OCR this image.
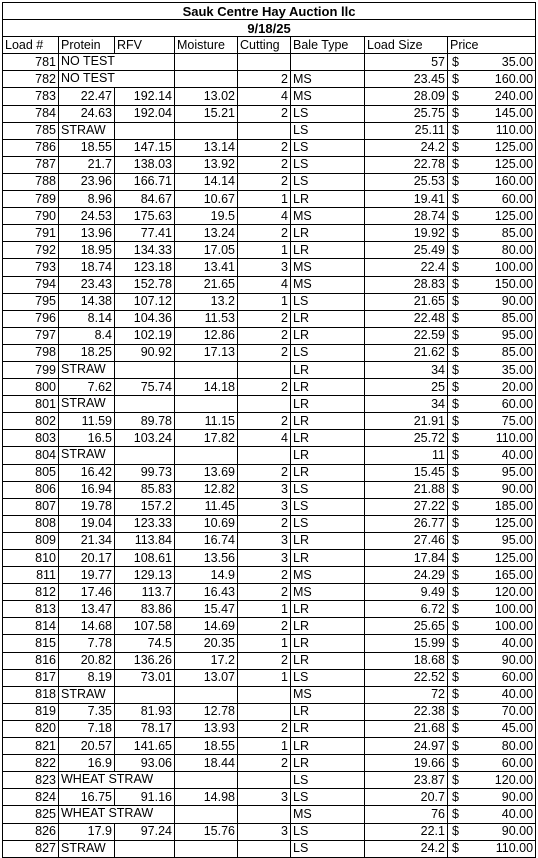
Sauk Centre Hay Auction llc							
9/18/25							
Load #	Protein	RFV	Moisture	Cutting	Bale Type	Load Size	Price
781	NO TEST					57	$ 35.00

782	NO TEST			2	MS	23.45	$ 160.00

783	22.47	192.14	13.02	4	MS	28.09	$ 240.00

784	24.63	192.04	15.21	2	LS	25.75	$ 145.00

785	STRAW				LS	25.11	$ 110.00

786	18.55	147.15	13.14	2	LS	24.2	$ 125.00

787	21.7	138.03	13.92	2	LS	22.78	$ 125.00

788	23.96	166.71	14.14	2	LS	25.53	$ 160.00

789	8.96	84.67	10.67	1	LR	19.41	$ 60.00

790	24.53	175.63	19.5	4	MS	28.74	$ 125.00

791	13.96	77.41	13.24	2	LR	19.92	$ 85.00

792	18.95	134.33	17.05	1	LR	25.49	$ 80.00

793	18.74	123.18	13.41	3	MS	22.4	$ 100.00

794	23.43	152.78	21.65	4	MS	28.83	$ 150.00

795	14.38	107.12	13.2	1	LS	21.65	$ 90.00

796	8.14	104.36	11.53	2	LR	22.48	$ 85.00

797	8.4	102.19	12.86	2	LR	22.59	$ 95.00

798	18.25	90.92	17.13	2	LS	21.62	$ 85.00

799	STRAW				LR	34	$ 35.00

800	7.62	75.74	14.18	2	LR	25	$ 20.00

801	STRAW				LR	34	$ 60.00

802	11.59	89.78	11.15	2	LR	21.91	$ 75.00

803	16.5	103.24	17.82	4	LR	25.72	$ 110.00

804	STRAW				LR	11	$ 40.00

805	16.42	99.73	13.69	2	LR	15.45	$ 95.00

806	16.94	85.83	12.82	3	LS	21.88	$ 90.00

807	19.78	157.2	11.45	3	LS	27.22	$ 185.00

808	19.04	123.33	10.69	2	LS	26.77	$ 125.00

809	21.34	113.84	16.74	3	LR	27.46	$ 95.00

810	20.17	108.61	13.56	3	LR	17.84	$ 125.00

811	19.77	129.13	14.9	2	MS	24.29	$ 165.00

812	17.46	113.7	16.43	2	MS	9.49	$ 120.00

813	13.47	83.86	15.47	1	LR	6.72	$ 100.00

814	14.68	107.58	14.69	2	LR	25.65	$ 100.00

815	7.78	74.5	20.35	1	LR	15.99	$ 40.00

816	20.82	136.26	17.2	2	LR	18.68	$ 90.00

817	8.19	73.01	13.07	1	LS	22.52	$ 60.00

818	STRAW				MS	72	$ 40.00

819	7.35	81.93	12.78		LR	22.38	$ 70.00

820	7.18	78.17	13.93	2	LR	21.68	$ 45.00

821	20.57	141.65	18.55	1	LR	24.97	$ 80.00

822	16.9	93.06	18.44	2	LR	19.66	$ 60.00

823	WHEAT STRAW				LS	23.87	$ 120.00

824	16.75	91.16	14.98	3	LS	20.7	$ 90.00

825	WHEAT STRAW				MS	76	$ 40.00

826	17.9	97.24	15.76	3	LS	22.1	$ 90.00

827	STRAW				LS	24.2	$ 110.00
